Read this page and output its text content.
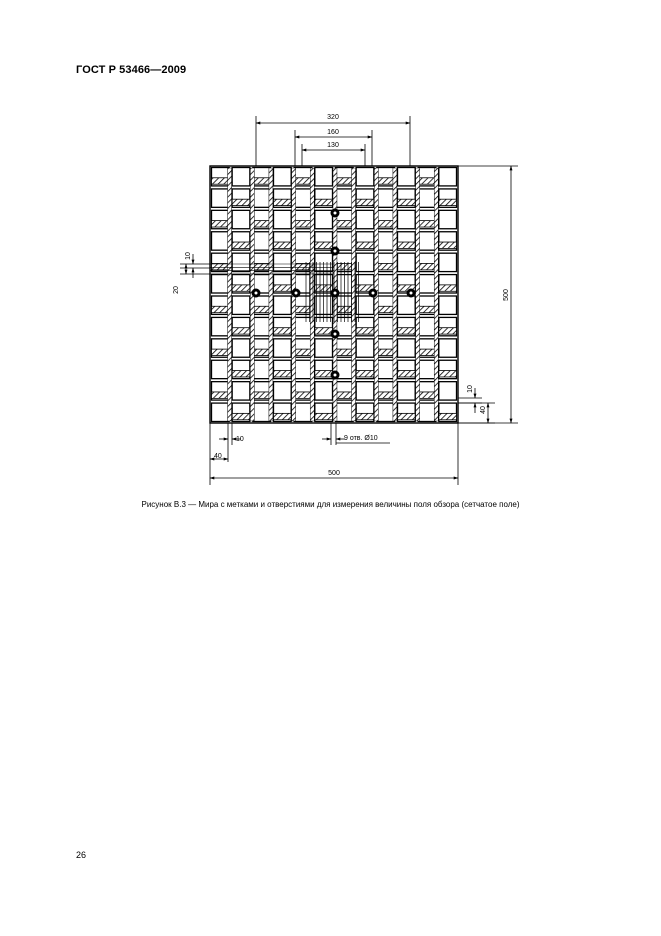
ГОСТ Р 53466—2009
320
160
130
500
10
40
10
20
10	9 отв. Ø10
40
500
Рисунок В.3 — Мира с метками и отверстиями для измерения величины поля обзора (сетчатое поле)
26
